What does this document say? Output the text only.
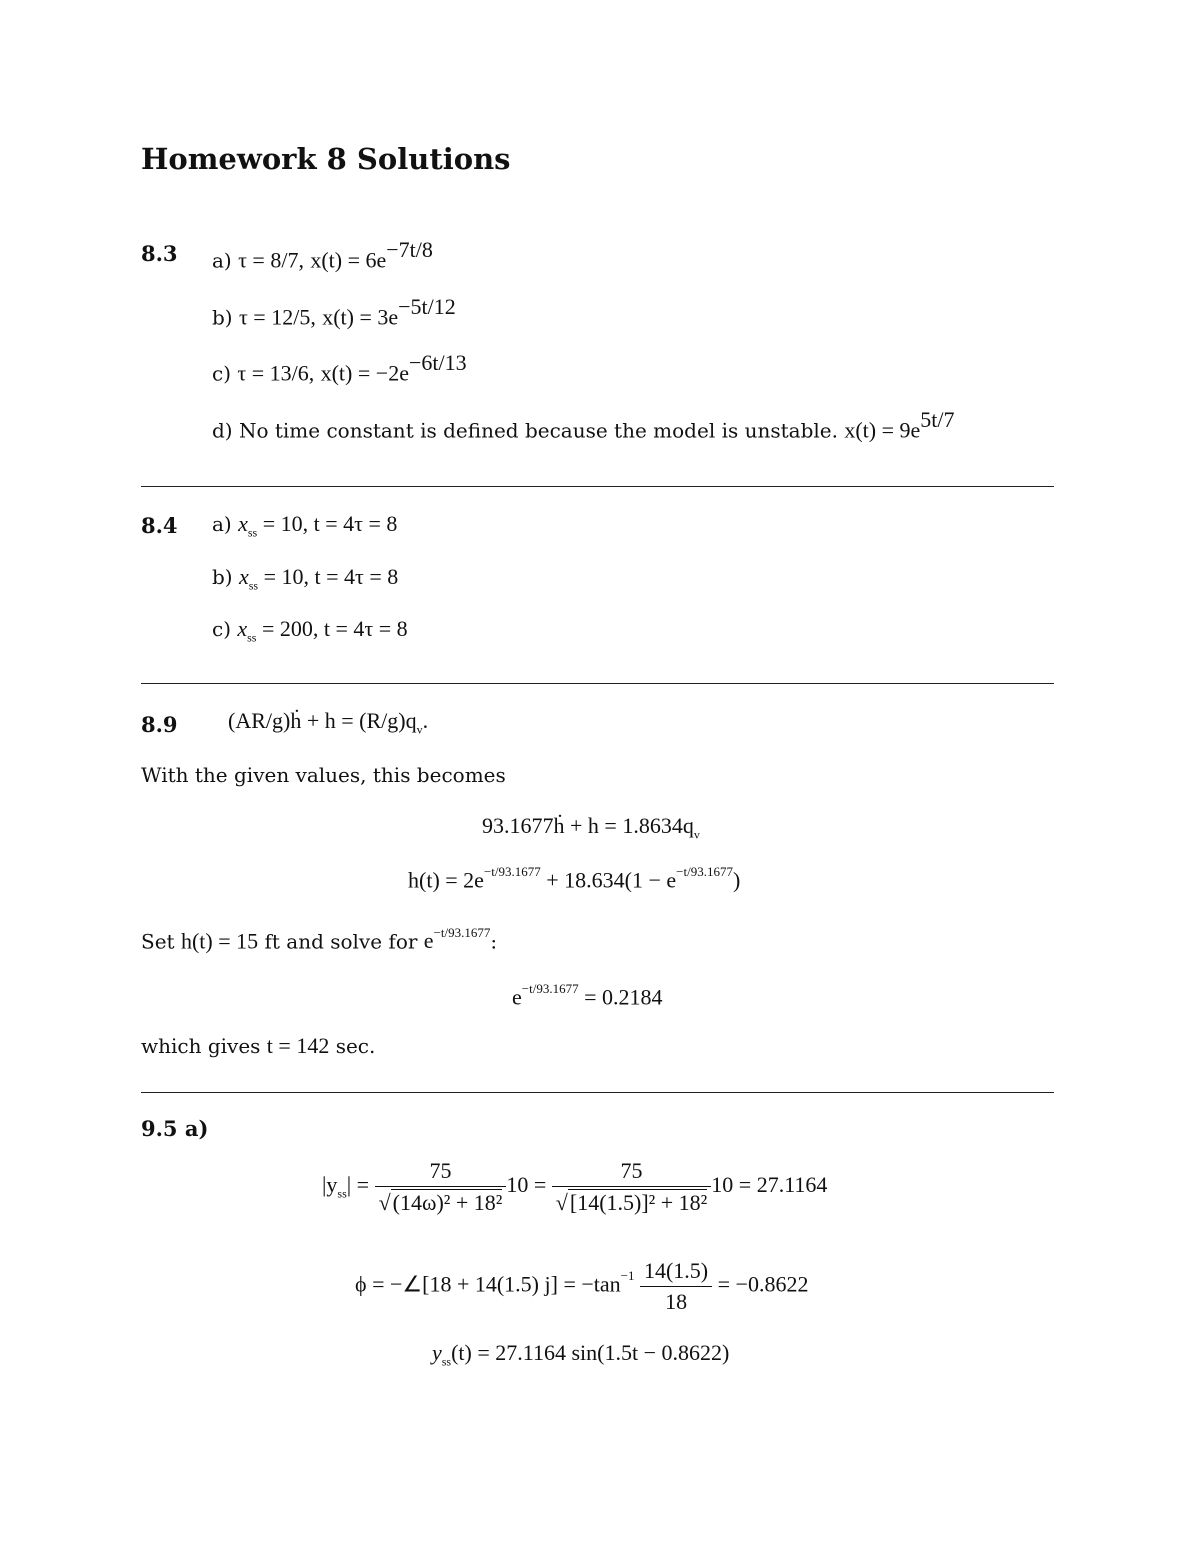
Homework 8 Solutions
8.3 a) τ = 8/7, $x(t) = 6e^{-7t/8}$
b) τ = 12/5, $x(t) = 3e^{-5t/12}$
c) τ = 13/6, $x(t) = -2e^{-6t/13}$
d) No time constant is defined because the model is unstable. $x(t) = 9e^{5t/7}$
8.4 a) $x_{ss} = 10$, t = 4τ = 8
b) $x_{ss} = 10$, t = 4τ = 8
c) $x_{ss} = 200$, t = 4τ = 8
8.9 (AR/g)ḣ + $h = (R/g)q_v$.
With the given values, this becomes
93.1677ḣ + $h = 1.8634q_v$
$h(t) = 2e^{-t/93.1677} + 18.634(1 - e^{-t/93.1677})$
Set h(t) = 15 ft and solve for $e^{-t/93.1677}$:
$e^{-t/93.1677} = 0.2184$
which gives t = 142 sec.
9.5 a)
$|y_{ss}| = \frac{75}{\text{√(14ω)² + 18²}} 10 = \frac{75}{\text{√[14(1.5)]² + 18²}} 10 = 27.1164$
ϕ = −∠[18 + 14(1.5) $j] = -\tan^{-1} \frac{14(1.5)}{18} = -0.8622$
$y_{ss}(t) = 27.1164$ sin(1.5t − 0.8622)
